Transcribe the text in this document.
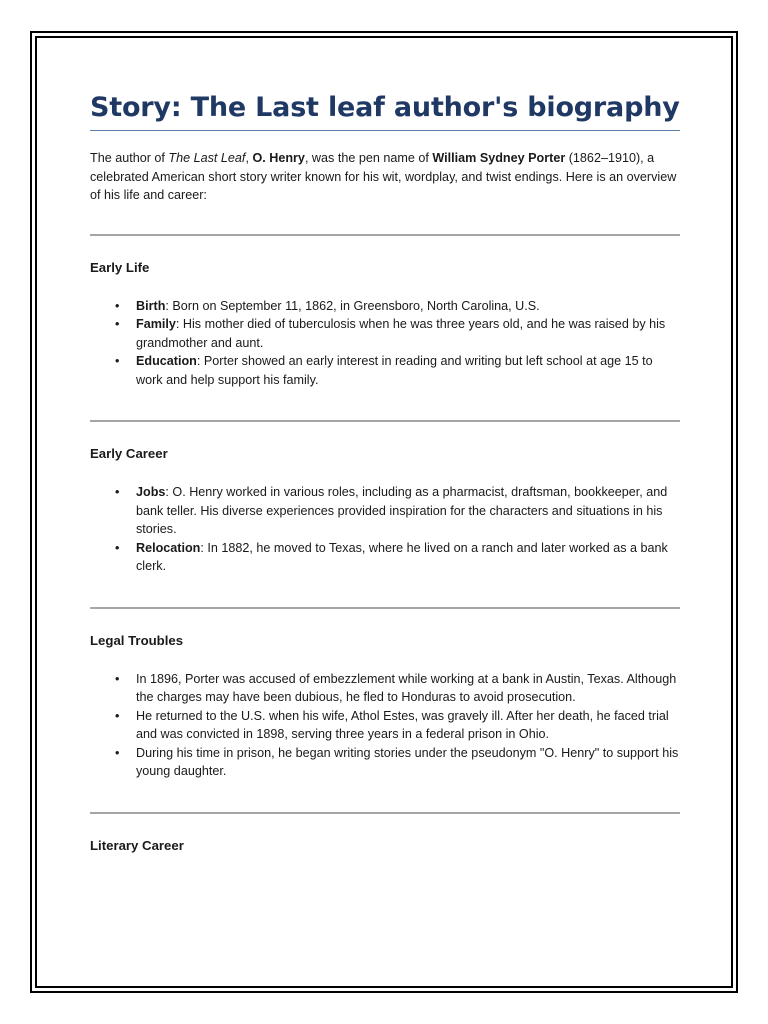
Story: The Last leaf author's biography

The author of The Last Leaf, O. Henry, was the pen name of William Sydney Porter (1862–1910), a celebrated American short story writer known for his wit, wordplay, and twist endings. Here is an overview of his life and career:

Early Life
• Birth: Born on September 11, 1862, in Greensboro, North Carolina, U.S.
• Family: His mother died of tuberculosis when he was three years old, and he was raised by his grandmother and aunt.
• Education: Porter showed an early interest in reading and writing but left school at age 15 to work and help support his family.
Early Career
• Jobs: O. Henry worked in various roles, including as a pharmacist, draftsman, bookkeeper, and bank teller. His diverse experiences provided inspiration for the characters and situations in his stories.
• Relocation: In 1882, he moved to Texas, where he lived on a ranch and later worked as a bank clerk.
Legal Troubles
• In 1896, Porter was accused of embezzlement while working at a bank in Austin, Texas. Although the charges may have been dubious, he fled to Honduras to avoid prosecution.
• He returned to the U.S. when his wife, Athol Estes, was gravely ill. After her death, he faced trial and was convicted in 1898, serving three years in a federal prison in Ohio.
• During his time in prison, he began writing stories under the pseudonym "O. Henry" to support his young daughter.
Literary Career
